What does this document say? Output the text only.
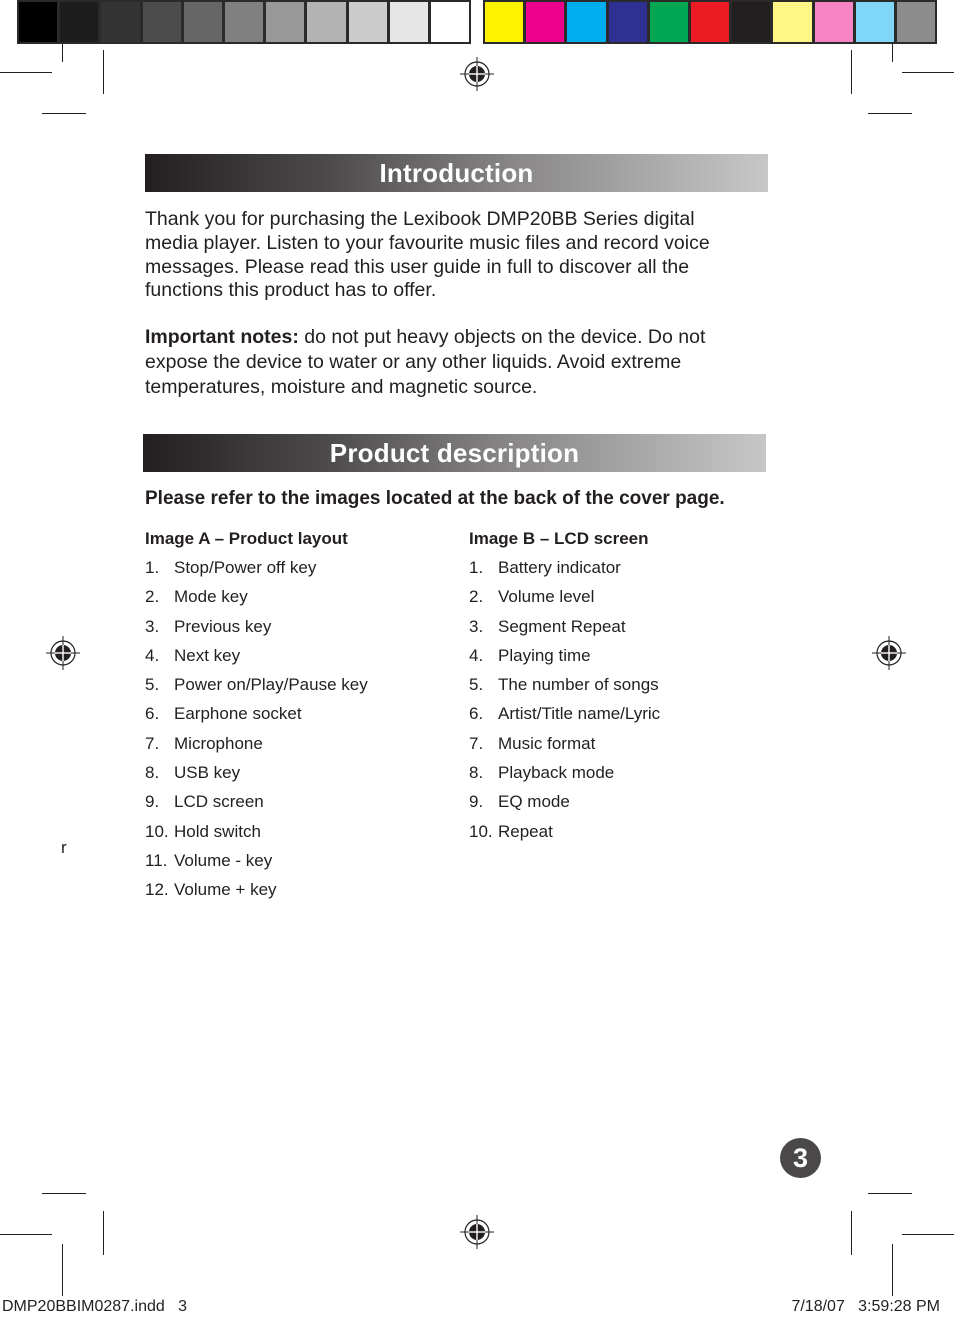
Introduction
Thank you for purchasing the Lexibook DMP20BB Series digital
media player. Listen to your favourite music files and record voice
messages. Please read this user guide in full to discover all the
functions this product has to offer.
Important notes: do not put heavy objects on the device. Do not
expose the device to water or any other liquids. Avoid extreme
temperatures, moisture and magnetic source.
Product description
Please refer to the images located at the back of the cover page.
Image A – Product layout
1. Stop/Power off key
2. Mode key
3. Previous key
4. Next key
5. Power on/Play/Pause key
6. Earphone socket
7. Microphone
8. USB key
9. LCD screen
10. Hold switch
11. Volume - key
12. Volume + key
Image B – LCD screen
1. Battery indicator
2. Volume level
3. Segment Repeat
4. Playing time
5. The number of songs
6. Artist/Title name/Lyric
7. Music format
8. Playback mode
9. EQ mode
10. Repeat
r
3
DMP20BBIM0287.indd   3	7/18/07   3:59:28 PM
